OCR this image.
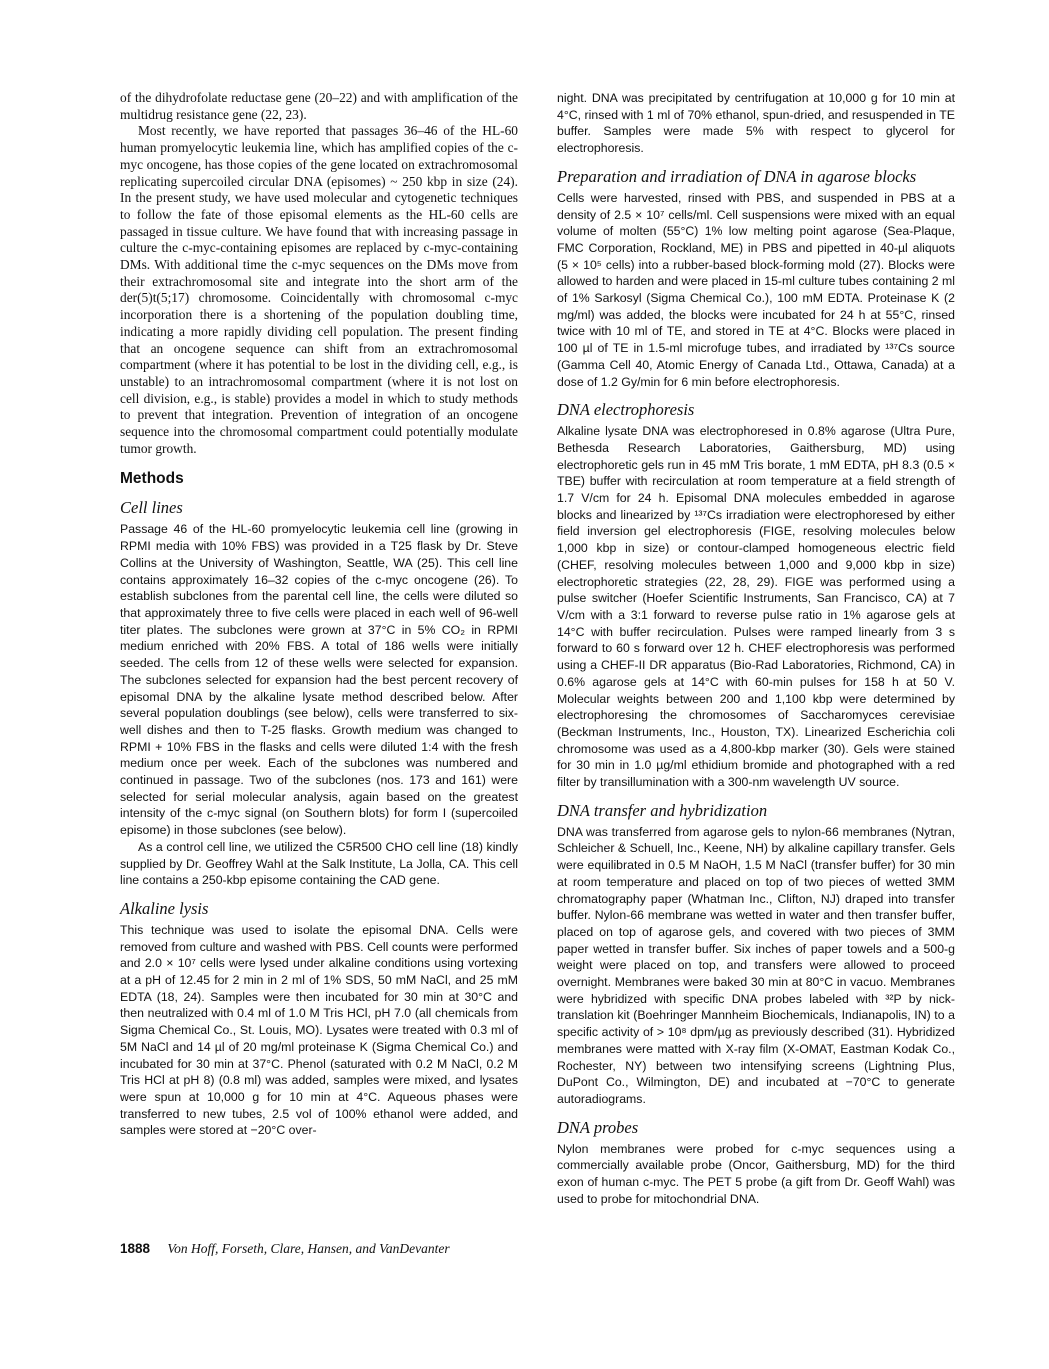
of the dihydrofolate reductase gene (20–22) and with amplification of the multidrug resistance gene (22, 23).

Most recently, we have reported that passages 36–46 of the HL-60 human promyelocytic leukemia line, which has amplified copies of the c-myc oncogene, has those copies of the gene located on extrachromosomal replicating supercoiled circular DNA (episomes) ~ 250 kbp in size (24). In the present study, we have used molecular and cytogenetic techniques to follow the fate of those episomal elements as the HL-60 cells are passaged in tissue culture. We have found that with increasing passage in culture the c-myc-containing episomes are replaced by c-myc-containing DMs. With additional time the c-myc sequences on the DMs move from their extrachromosomal site and integrate into the short arm of the der(5)t(5;17) chromosome. Coincidentally with chromosomal c-myc incorporation there is a shortening of the population doubling time, indicating a more rapidly dividing cell population. The present finding that an oncogene sequence can shift from an extrachromosomal compartment (where it has potential to be lost in the dividing cell, e.g., is unstable) to an intrachromosomal compartment (where it is not lost on cell division, e.g., is stable) provides a model in which to study methods to prevent that integration. Prevention of integration of an oncogene sequence into the chromosomal compartment could potentially modulate tumor growth.

Methods
Cell lines

Passage 46 of the HL-60 promyelocytic leukemia cell line (growing in RPMI media with 10% FBS) was provided in a T25 flask by Dr. Steve Collins at the University of Washington, Seattle, WA (25). This cell line contains approximately 16–32 copies of the c-myc oncogene (26). To establish subclones from the parental cell line, the cells were diluted so that approximately three to five cells were placed in each well of 96-well titer plates. The subclones were grown at 37°C in 5% CO₂ in RPMI medium enriched with 20% FBS. A total of 186 wells were initially seeded. The cells from 12 of these wells were selected for expansion. The subclones selected for expansion had the best percent recovery of episomal DNA by the alkaline lysate method described below. After several population doublings (see below), cells were transferred to six-well dishes and then to T-25 flasks. Growth medium was changed to RPMI + 10% FBS in the flasks and cells were diluted 1:4 with the fresh medium once per week. Each of the subclones was numbered and continued in passage. Two of the subclones (nos. 173 and 161) were selected for serial molecular analysis, again based on the greatest intensity of the c-myc signal (on Southern blots) for form I (supercoiled episome) in those subclones (see below).

As a control cell line, we utilized the C5R500 CHO cell line (18) kindly supplied by Dr. Geoffrey Wahl at the Salk Institute, La Jolla, CA. This cell line contains a 250-kbp episome containing the CAD gene.

Alkaline lysis

This technique was used to isolate the episomal DNA. Cells were removed from culture and washed with PBS. Cell counts were performed and 2.0 × 10⁷ cells were lysed under alkaline conditions using vortexing at a pH of 12.45 for 2 min in 2 ml of 1% SDS, 50 mM NaCl, and 25 mM EDTA (18, 24). Samples were then incubated for 30 min at 30°C and then neutralized with 0.4 ml of 1.0 M Tris HCl, pH 7.0 (all chemicals from Sigma Chemical Co., St. Louis, MO). Lysates were treated with 0.3 ml of 5M NaCl and 14 µl of 20 mg/ml proteinase K (Sigma Chemical Co.) and incubated for 30 min at 37°C. Phenol (saturated with 0.2 M NaCl, 0.2 M Tris HCl at pH 8) (0.8 ml) was added, samples were mixed, and lysates were spun at 10,000 g for 10 min at 4°C. Aqueous phases were transferred to new tubes, 2.5 vol of 100% ethanol were added, and samples were stored at −20°C over-

night. DNA was precipitated by centrifugation at 10,000 g for 10 min at 4°C, rinsed with 1 ml of 70% ethanol, spun-dried, and resuspended in TE buffer. Samples were made 5% with respect to glycerol for electrophoresis.

Preparation and irradiation of DNA in agarose blocks

Cells were harvested, rinsed with PBS, and suspended in PBS at a density of 2.5 × 10⁷ cells/ml. Cell suspensions were mixed with an equal volume of molten (55°C) 1% low melting point agarose (Sea-Plaque, FMC Corporation, Rockland, ME) in PBS and pipetted in 40-µl aliquots (5 × 10⁵ cells) into a rubber-based block-forming mold (27). Blocks were allowed to harden and were placed in 15-ml culture tubes containing 2 ml of 1% Sarkosyl (Sigma Chemical Co.), 100 mM EDTA. Proteinase K (2 mg/ml) was added, the blocks were incubated for 24 h at 55°C, rinsed twice with 10 ml of TE, and stored in TE at 4°C. Blocks were placed in 100 µl of TE in 1.5-ml microfuge tubes, and irradiated by ¹³⁷Cs source (Gamma Cell 40, Atomic Energy of Canada Ltd., Ottawa, Canada) at a dose of 1.2 Gy/min for 6 min before electrophoresis.

DNA electrophoresis

Alkaline lysate DNA was electrophoresed in 0.8% agarose (Ultra Pure, Bethesda Research Laboratories, Gaithersburg, MD) using electrophoretic gels run in 45 mM Tris borate, 1 mM EDTA, pH 8.3 (0.5 × TBE) buffer with recirculation at room temperature at a field strength of 1.7 V/cm for 24 h. Episomal DNA molecules embedded in agarose blocks and linearized by ¹³⁷Cs irradiation were electrophoresed by either field inversion gel electrophoresis (FIGE, resolving molecules below 1,000 kbp in size) or contour-clamped homogeneous electric field (CHEF, resolving molecules between 1,000 and 9,000 kbp in size) electrophoretic strategies (22, 28, 29). FIGE was performed using a pulse switcher (Hoefer Scientific Instruments, San Francisco, CA) at 7 V/cm with a 3:1 forward to reverse pulse ratio in 1% agarose gels at 14°C with buffer recirculation. Pulses were ramped linearly from 3 s forward to 60 s forward over 12 h. CHEF electrophoresis was performed using a CHEF-II DR apparatus (Bio-Rad Laboratories, Richmond, CA) in 0.6% agarose gels at 14°C with 60-min pulses for 158 h at 50 V. Molecular weights between 200 and 1,100 kbp were determined by electrophoresing the chromosomes of Saccharomyces cerevisiae (Beckman Instruments, Inc., Houston, TX). Linearized Escherichia coli chromosome was used as a 4,800-kbp marker (30). Gels were stained for 30 min in 1.0 µg/ml ethidium bromide and photographed with a red filter by transillumination with a 300-nm wavelength UV source.

DNA transfer and hybridization

DNA was transferred from agarose gels to nylon-66 membranes (Nytran, Schleicher & Schuell, Inc., Keene, NH) by alkaline capillary transfer. Gels were equilibrated in 0.5 M NaOH, 1.5 M NaCl (transfer buffer) for 30 min at room temperature and placed on top of two pieces of wetted 3MM chromatography paper (Whatman Inc., Clifton, NJ) draped into transfer buffer. Nylon-66 membrane was wetted in water and then transfer buffer, placed on top of agarose gels, and covered with two pieces of 3MM paper wetted in transfer buffer. Six inches of paper towels and a 500-g weight were placed on top, and transfers were allowed to proceed overnight. Membranes were baked 30 min at 80°C in vacuo. Membranes were hybridized with specific DNA probes labeled with ³²P by nick-translation kit (Boehringer Mannheim Biochemicals, Indianapolis, IN) to a specific activity of > 10⁸ dpm/µg as previously described (31). Hybridized membranes were matted with X-ray film (X-OMAT, Eastman Kodak Co., Rochester, NY) between two intensifying screens (Lightning Plus, DuPont Co., Wilmington, DE) and incubated at −70°C to generate autoradiograms.

DNA probes

Nylon membranes were probed for c-myc sequences using a commercially available probe (Oncor, Gaithersburg, MD) for the third exon of human c-myc. The PET 5 probe (a gift from Dr. Geoff Wahl) was used to probe for mitochondrial DNA.

1888 Von Hoff, Forseth, Clare, Hansen, and VanDevanter
